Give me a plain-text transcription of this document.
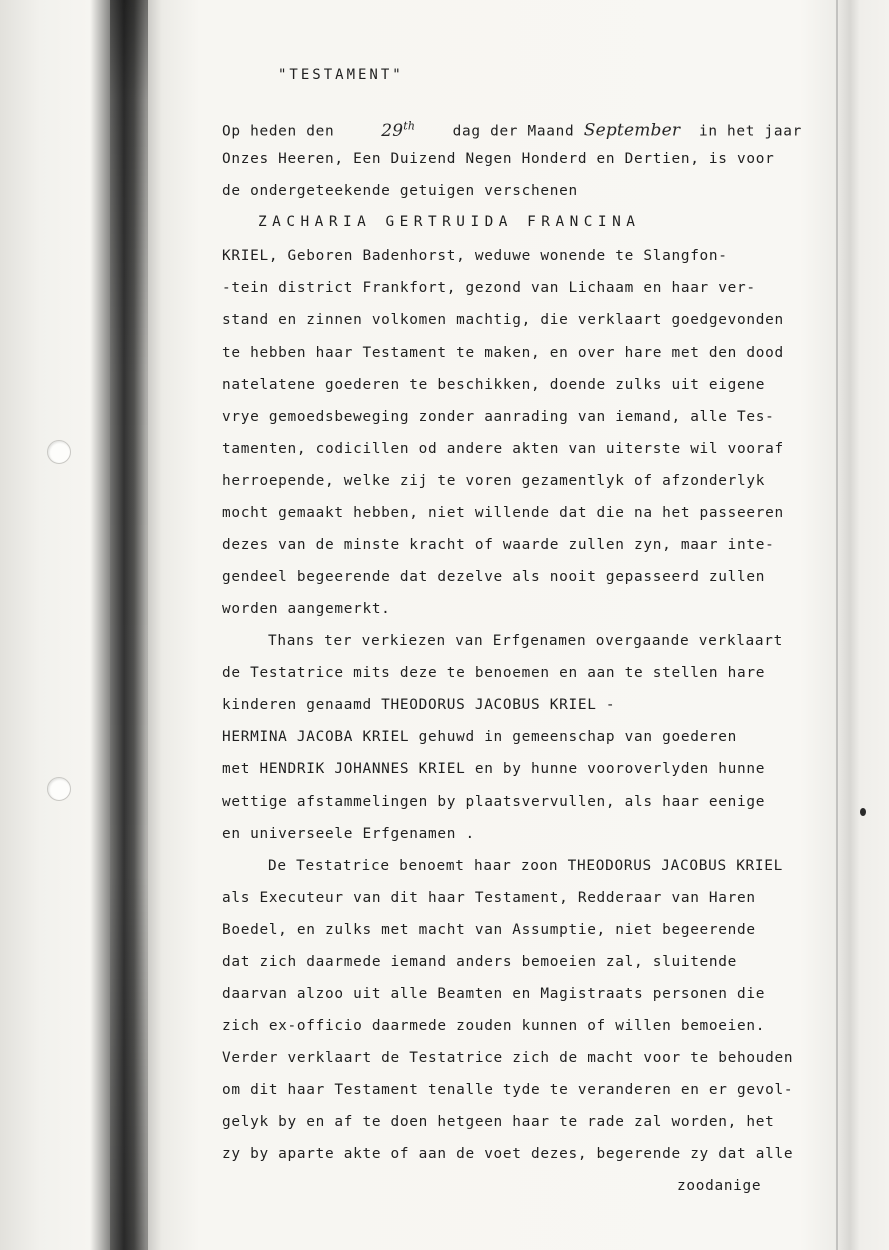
"TESTAMENT"
Op heden den	29th	dag der Maand September in het jaar
Onzes Heeren, Een Duizend Negen Honderd en Dertien, is voor
de ondergeteekende getuigen verschenen
ZACHARIA GERTRUIDA FRANCINA
KRIEL, Geboren Badenhorst, weduwe wonende te Slangfon-
-tein district Frankfort, gezond van Lichaam en haar ver-
stand en zinnen volkomen machtig, die verklaart goedgevonden
te hebben haar Testament te maken, en over hare met den dood
natelatene goederen te beschikken, doende zulks uit eigene
vrye gemoedsbeweging zonder aanrading van iemand, alle Tes-
tamenten, codicillen od andere akten van uiterste wil vooraf
herroepende, welke zij te voren gezamentlyk of afzonderlyk
mocht gemaakt hebben, niet willende dat die na het passeeren
dezes van de minste kracht of waarde zullen zyn, maar inte-
gendeel begeerende dat dezelve als nooit gepasseerd zullen
worden aangemerkt.
Thans ter verkiezen van Erfgenamen overgaande verklaart
de Testatrice mits deze te benoemen en aan te stellen hare
kinderen genaamd THEODORUS JACOBUS KRIEL -
HERMINA JACOBA KRIEL gehuwd in gemeenschap van goederen
met HENDRIK JOHANNES KRIEL en by hunne vooroverlyden hunne
wettige afstammelingen by plaatsvervullen, als haar eenige
en universeele Erfgenamen .
De Testatrice benoemt haar zoon THEODORUS JACOBUS KRIEL
als Executeur van dit haar Testament, Redderaar van Haren
Boedel, en zulks met macht van Assumptie, niet begeerende
dat zich daarmede iemand anders bemoeien zal, sluitende
daarvan alzoo uit alle Beamten en Magistraats personen die
zich ex-officio daarmede zouden kunnen of willen bemoeien.
Verder verklaart de Testatrice zich de macht voor te behouden
om dit haar Testament tenalle tyde te veranderen en er gevol-
gelyk by en af te doen hetgeen haar te rade zal worden, het
zy by aparte akte of aan de voet dezes, begerende zy dat alle
zoodanige
